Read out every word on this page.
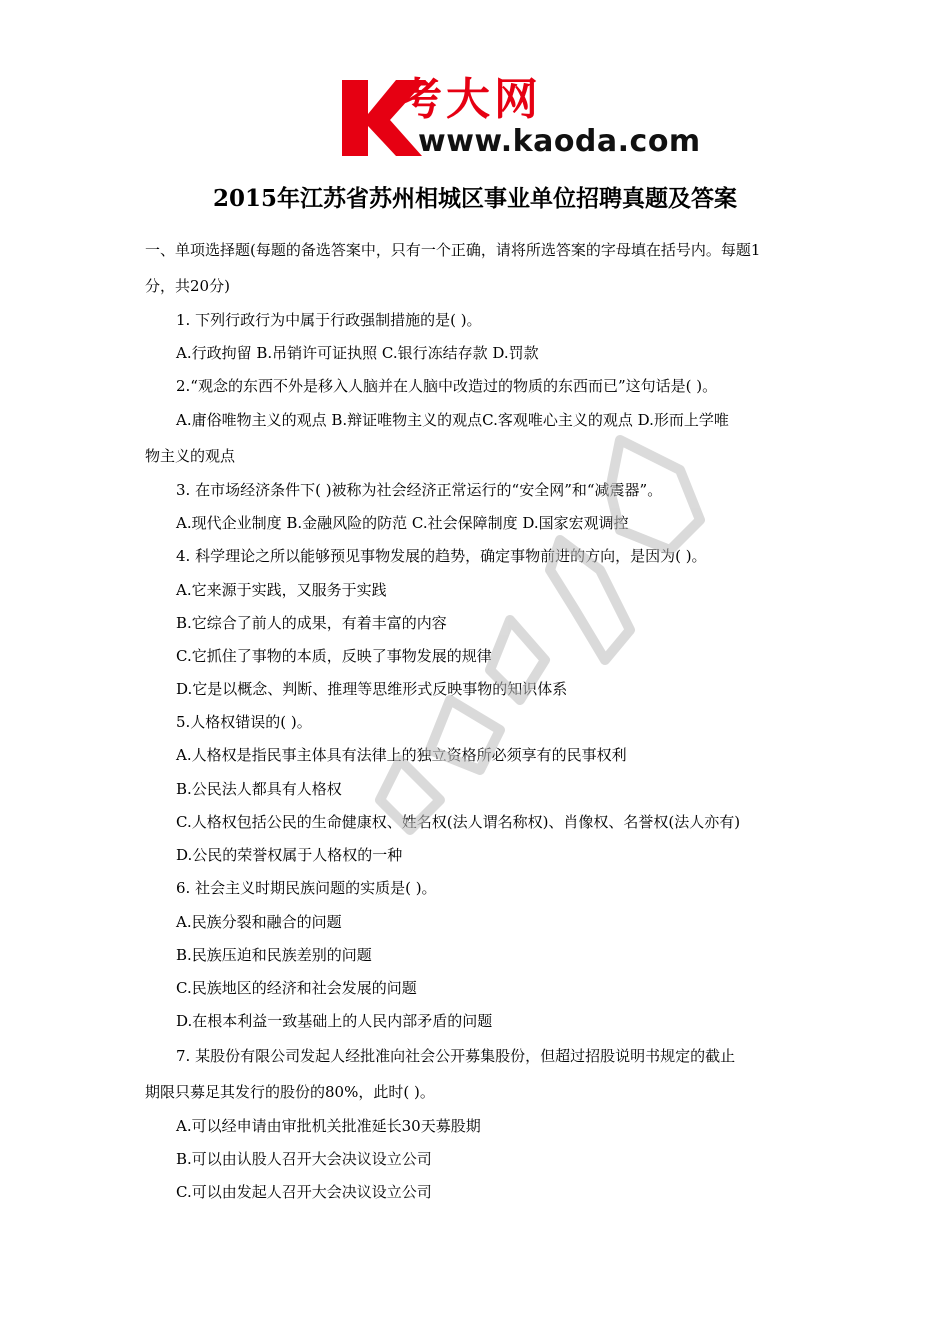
考大网
www.kaoda.com
2015年江苏省苏州相城区事业单位招聘真题及答案
一、单项选择题(每题的备选答案中，只有一个正确，请将所选答案的字母填在括号内。每题1
分，共20分)
1. 下列行政行为中属于行政强制措施的是( )。
A.行政拘留 B.吊销许可证执照 C.银行冻结存款 D.罚款
2.“观念的东西不外是移入人脑并在人脑中改造过的物质的东西而已”这句话是( )。
A.庸俗唯物主义的观点 B.辩证唯物主义的观点C.客观唯心主义的观点 D.形而上学唯
物主义的观点
3. 在市场经济条件下( )被称为社会经济正常运行的“安全网”和“减震器”。
A.现代企业制度 B.金融风险的防范 C.社会保障制度 D.国家宏观调控
4. 科学理论之所以能够预见事物发展的趋势，确定事物前进的方向，是因为( )。
A.它来源于实践，又服务于实践
B.它综合了前人的成果，有着丰富的内容
C.它抓住了事物的本质，反映了事物发展的规律
D.它是以概念、判断、推理等思维形式反映事物的知识体系
5.人格权错误的( )。
A.人格权是指民事主体具有法律上的独立资格所必须享有的民事权利
B.公民法人都具有人格权
C.人格权包括公民的生命健康权、姓名权(法人谓名称权)、肖像权、名誉权(法人亦有)
D.公民的荣誉权属于人格权的一种
6. 社会主义时期民族问题的实质是( )。
A.民族分裂和融合的问题
B.民族压迫和民族差别的问题
C.民族地区的经济和社会发展的问题
D.在根本利益一致基础上的人民内部矛盾的问题
7. 某股份有限公司发起人经批准向社会公开募集股份，但超过招股说明书规定的截止
期限只募足其发行的股份的80%，此时( )。
A.可以经申请由审批机关批准延长30天募股期
B.可以由认股人召开大会决议设立公司
C.可以由发起人召开大会决议设立公司
